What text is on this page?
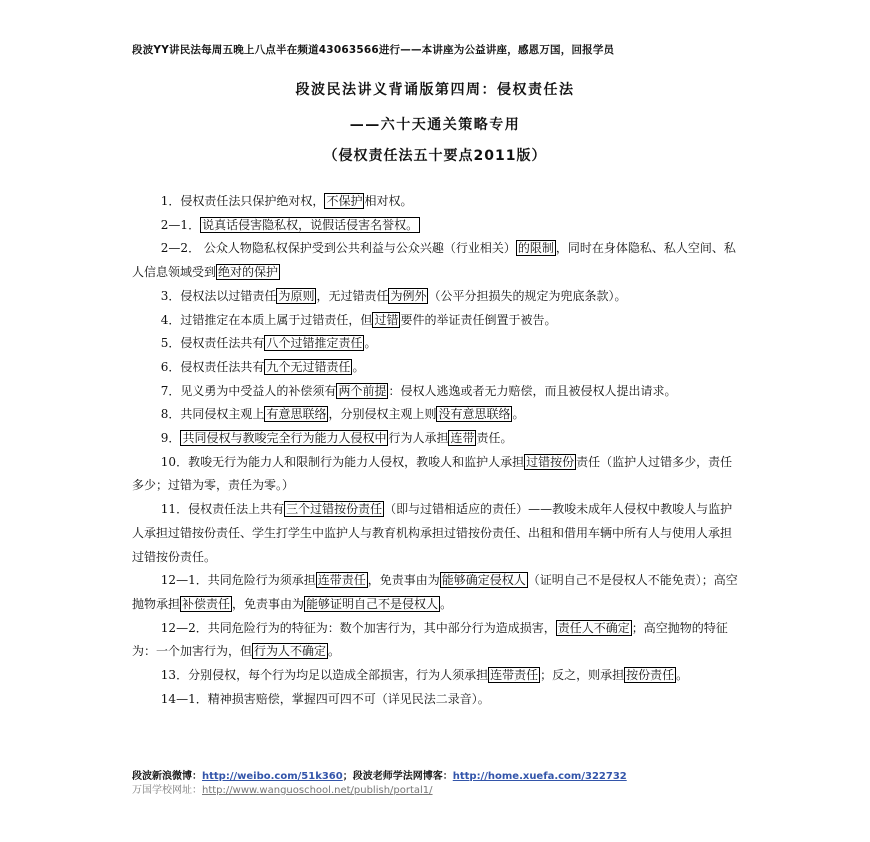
段波YY讲民法每周五晚上八点半在频道43063566进行——本讲座为公益讲座，感恩万国，回报学员
段波民法讲义背诵版第四周：侵权责任法
——六十天通关策略专用
（侵权责任法五十要点2011版）

1．侵权责任法只保护绝对权， 不保护 相对权。

2—1． 说真话侵害隐私权，说假话侵害名誉权。

2—2． 公众人物隐私权保护受到公共利益与公众兴趣（行业相关） 的限制 ，同时在身体隐私、私人空间、私人信息领域受到 绝对的保护

3．侵权法以过错责任 为原则 ，无过错责任 为例外 （公平分担损失的规定为兜底条款）。

4．过错推定在本质上属于过错责任，但 过错 要件的举证责任倒置于被告。

5．侵权责任法共有 八个过错推定责任 。

6．侵权责任法共有 九个无过错责任 。

7．见义勇为中受益人的补偿须有 两个前提 ：侵权人逃逸或者无力赔偿，而且被侵权人提出请求。

8．共同侵权主观上 有意思联络 ，分别侵权主观上则 没有意思联络 。

9． 共同侵权与教唆完全行为能力人侵权中 行为人承担 连带 责任。

10．教唆无行为能力人和限制行为能力人侵权，教唆人和监护人承担 过错按份 责任（监护人过错多少，责任多少；过错为零，责任为零。）

11．侵权责任法上共有 三个过错按份责任 （即与过错相适应的责任）——教唆未成年人侵权中教唆人与监护人承担过错按份责任、学生打学生中监护人与教育机构承担过错按份责任、出租和借用车辆中所有人与使用人承担过错按份责任。

12—1．共同危险行为须承担 连带责任 ，免责事由为 能够确定侵权人 （证明自己不是侵权人不能免责）；高空抛物承担 补偿责任 ，免责事由为 能够证明自己不是侵权人 。

12—2．共同危险行为的特征为：数个加害行为，其中部分行为造成损害， 责任人不确定 ；高空抛物的特征为：一个加害行为，但 行为人不确定 。

13．分别侵权，每个行为均足以造成全部损害，行为人须承担 连带责任 ；反之，则承担 按份责任 。

14—1．精神损害赔偿，掌握四可四不可（详见民法二录音）。

段波新浪微博：http://weibo.com/51k360；段波老师学法网博客：http://home.xuefa.com/322732
万国学校网址：http://www.wanguoschool.net/publish/portal1/
